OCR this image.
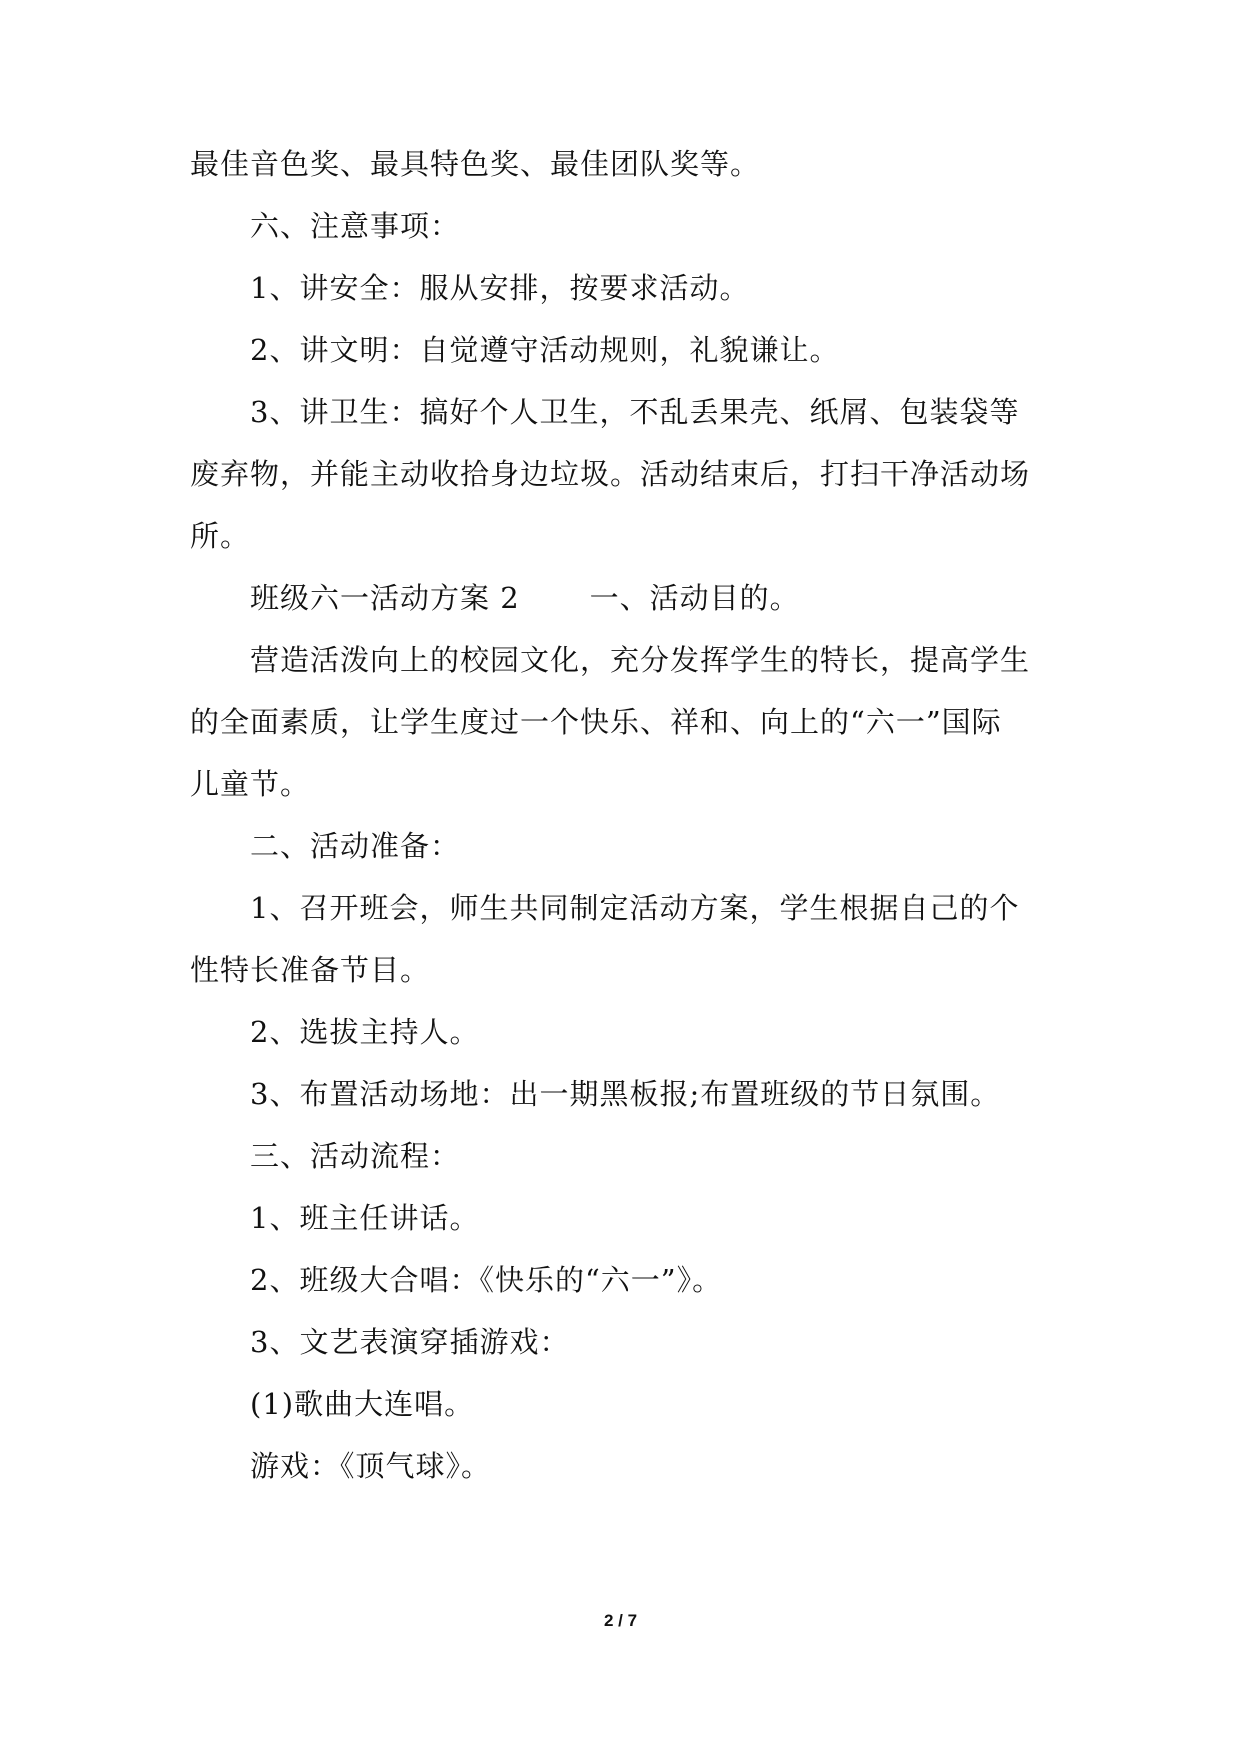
最佳音色奖、最具特色奖、最佳团队奖等。
六、注意事项：
1、讲安全：服从安排，按要求活动。
2、讲文明：自觉遵守活动规则，礼貌谦让。
3、讲卫生：搞好个人卫生，不乱丢果壳、纸屑、包装袋等
废弃物，并能主动收拾身边垃圾。活动结束后，打扫干净活动场
所。
班级六一活动方案 2 一、活动目的。
营造活泼向上的校园文化，充分发挥学生的特长，提高学生
的全面素质，让学生度过一个快乐、祥和、向上的“六一”国际
儿童节。
二、活动准备：
1、召开班会，师生共同制定活动方案，学生根据自己的个
性特长准备节目。
2、选拔主持人。
3、布置活动场地：出一期黑板报;布置班级的节日氛围。
三、活动流程：
1、班主任讲话。
2、班级大合唱：《快乐的“六一”》。
3、文艺表演穿插游戏：
(1)歌曲大连唱。
游戏：《顶气球》。
2 / 7
